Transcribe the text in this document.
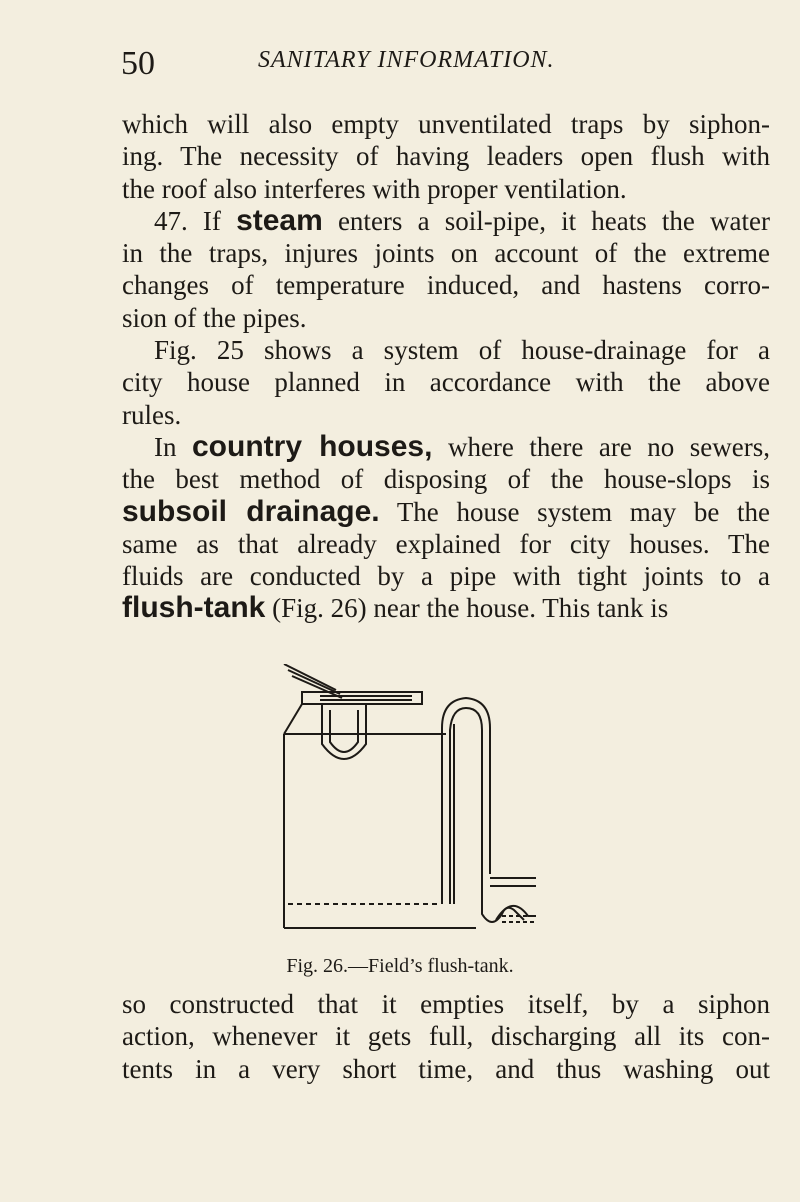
50	SANITARY INFORMATION.
which will also empty unventilated traps by siphon-
ing. The necessity of having leaders open flush with
the roof also interferes with proper ventilation.
47. If steam enters a soil-pipe, it heats the water
in the traps, injures joints on account of the extreme
changes of temperature induced, and hastens corro-
sion of the pipes.
Fig. 25 shows a system of house-drainage for a
city house planned in accordance with the above
rules.
In country houses, where there are no sewers,
the best method of disposing of the house-slops is
subsoil drainage. The house system may be the
same as that already explained for city houses. The
fluids are conducted by a pipe with tight joints to a
flush-tank (Fig. 26) near the house. This tank is
Fig. 26.—Field’s flush-tank.
so constructed that it empties itself, by a siphon
action, whenever it gets full, discharging all its con-
tents in a very short time, and thus washing out
